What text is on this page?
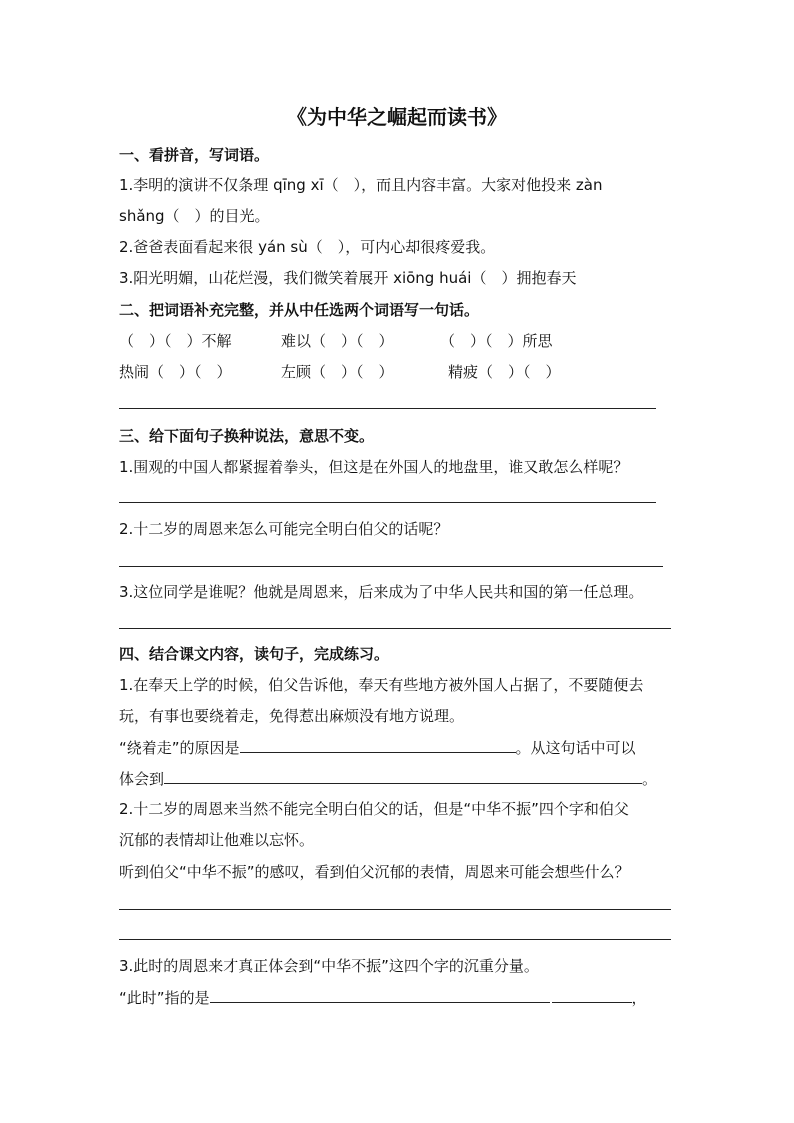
《为中华之崛起而读书》
一、看拼音，写词语。
1.李明的演讲不仅条理 qīng xī（　），而且内容丰富。大家对他投来 zàn
shǎng（　）的目光。
2.爸爸表面看起来很 yán sù（　），可内心却很疼爱我。
3.阳光明媚，山花烂漫，我们微笑着展开 xiōng huái（　）拥抱春天
二、把词语补充完整，并从中任选两个词语写一句话。
（　）（　）不解	难以（　）（　）	（　）（　）所思
热闹（　）（　）	左顾（　）（　）	精疲（　）（　）
三、给下面句子换种说法，意思不变。
1.围观的中国人都紧握着拳头，但这是在外国人的地盘里，谁又敢怎么样呢？
2.十二岁的周恩来怎么可能完全明白伯父的话呢？
3.这位同学是谁呢？他就是周恩来，后来成为了中华人民共和国的第一任总理。
四、结合课文内容，读句子，完成练习。
1.在奉天上学的时候，伯父告诉他，奉天有些地方被外国人占据了，不要随便去
玩，有事也要绕着走，免得惹出麻烦没有地方说理。
“绕着走”的原因是	。从这句话中可以
体会到	。
2.十二岁的周恩来当然不能完全明白伯父的话，但是“中华不振”四个字和伯父
沉郁的表情却让他难以忘怀。
听到伯父“中华不振”的感叹，看到伯父沉郁的表情，周恩来可能会想些什么？
3.此时的周恩来才真正体会到“中华不振”这四个字的沉重分量。
“此时”指的是	，
